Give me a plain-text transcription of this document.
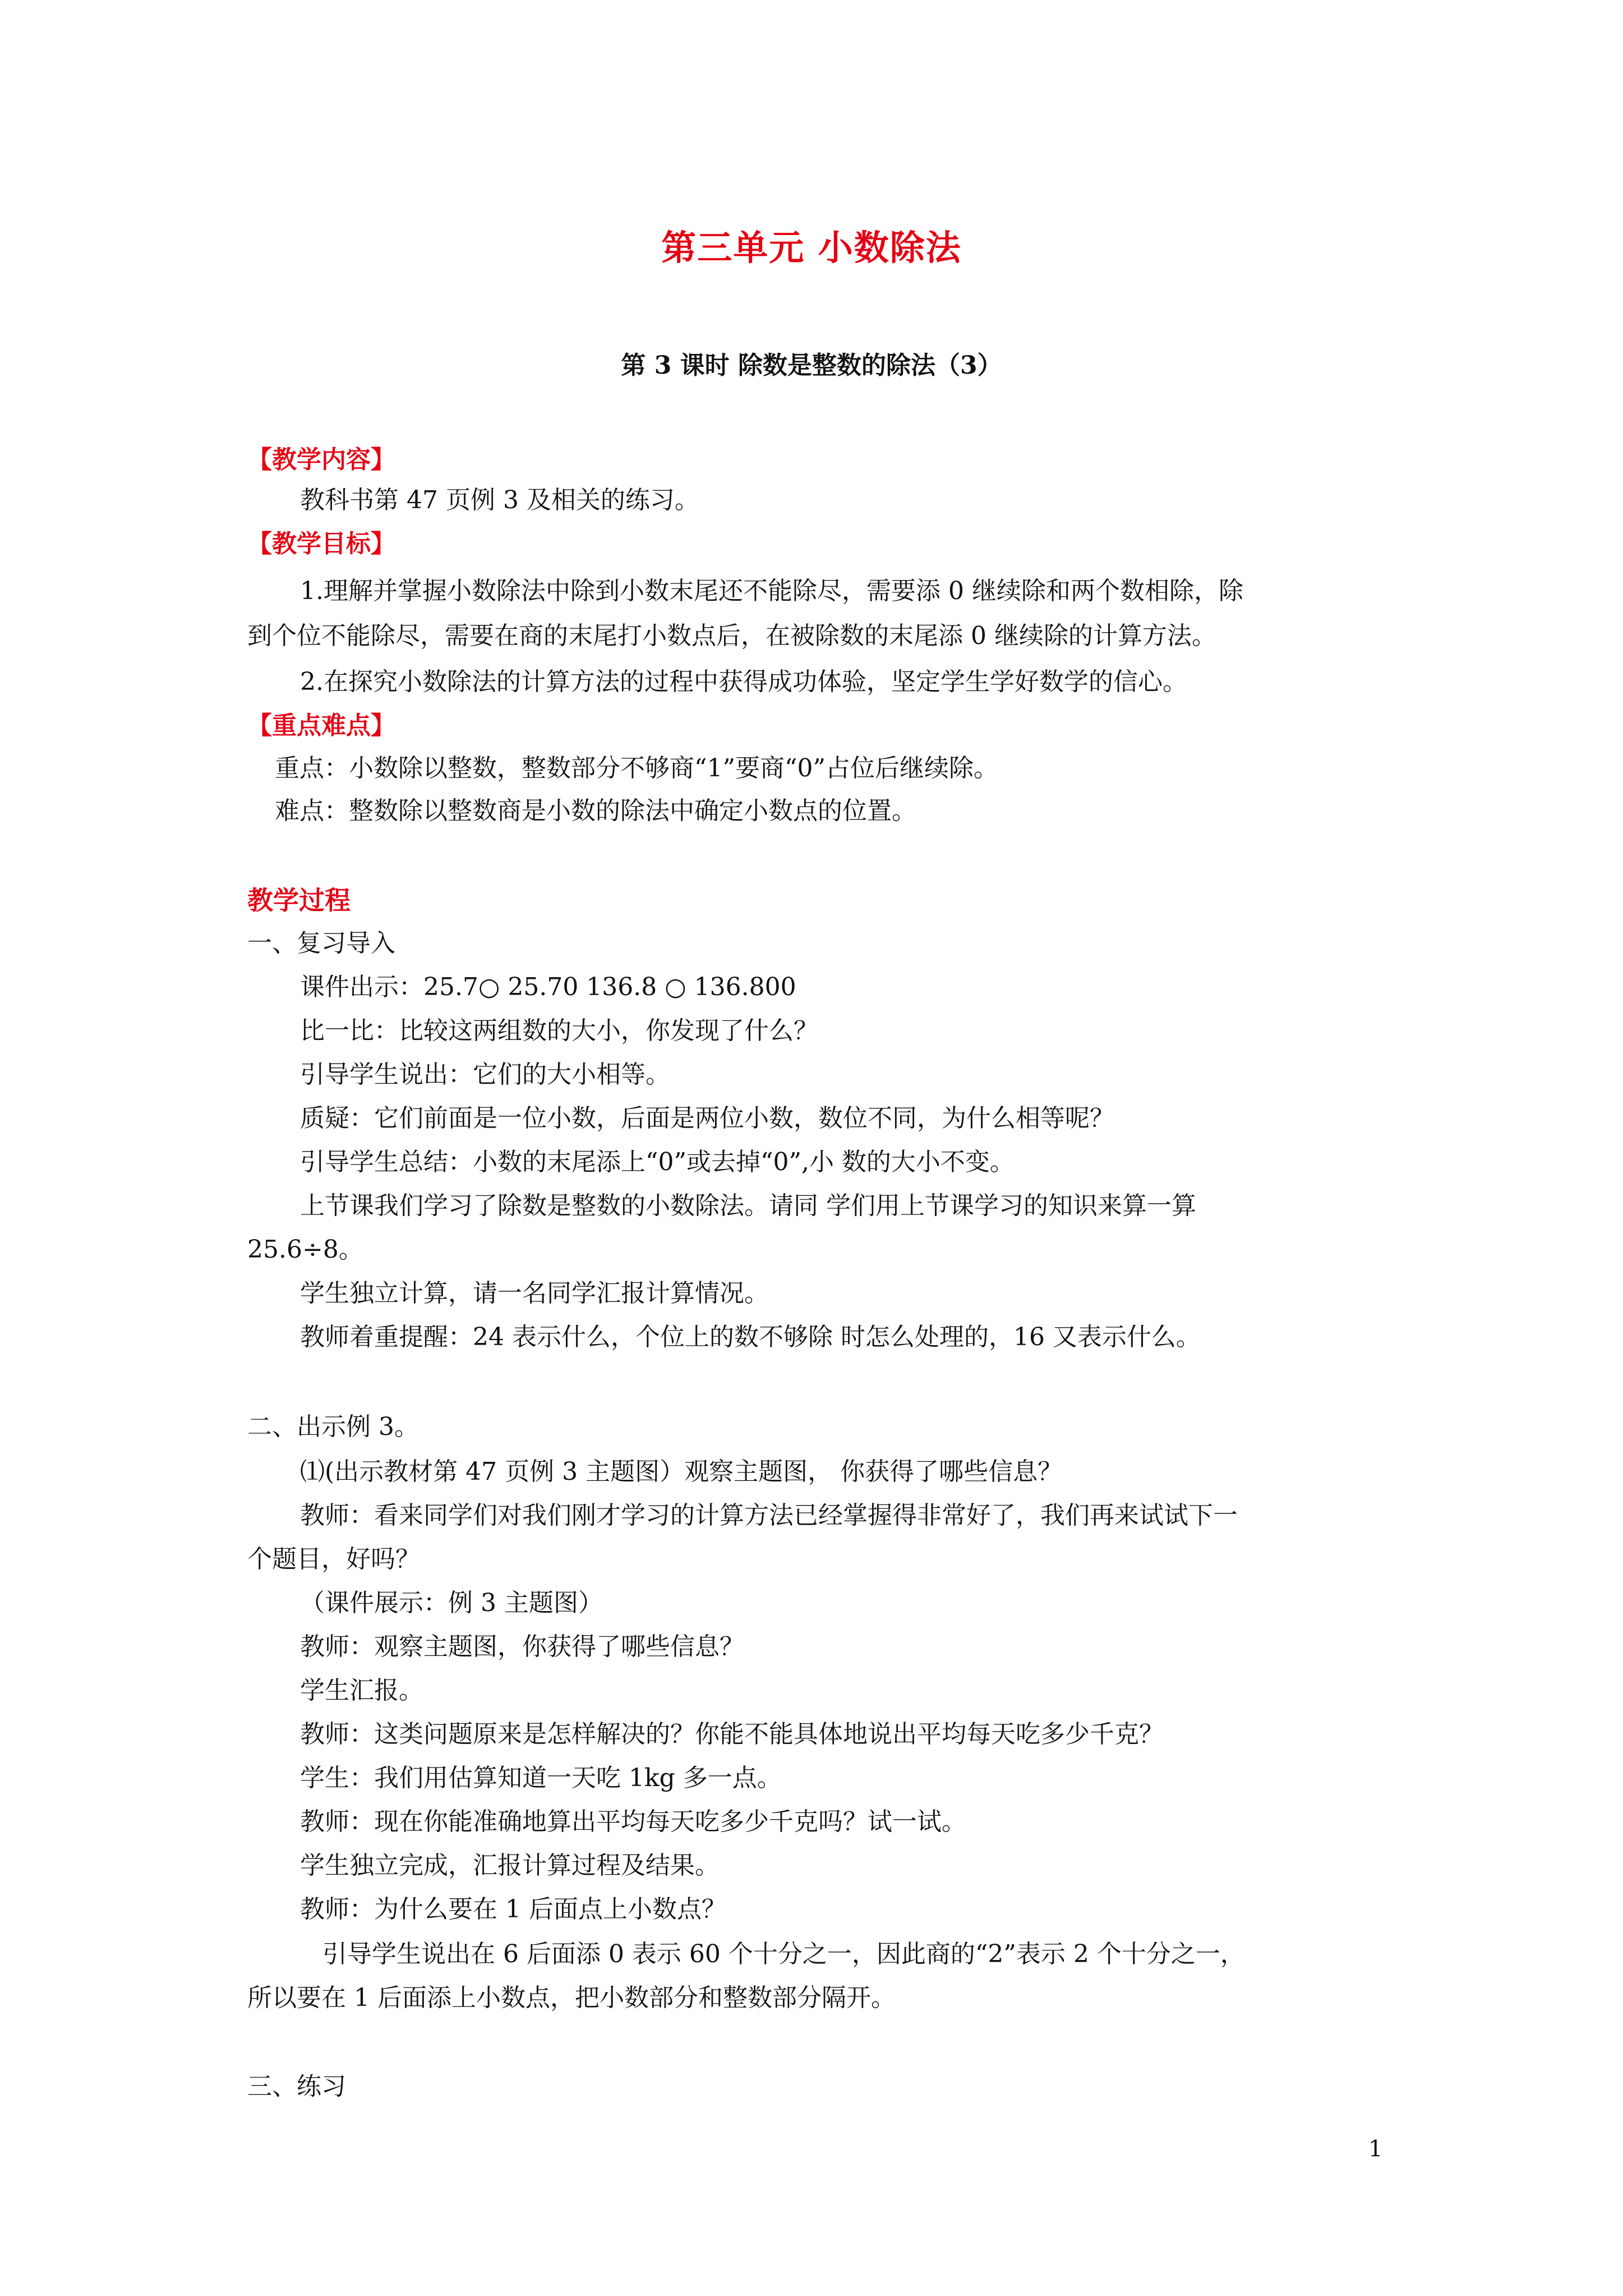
第三单元 小数除法
第 3 课时 除数是整数的除法（3）
【教学内容】
教科书第 47 页例 3 及相关的练习。
【教学目标】
1.理解并掌握小数除法中除到小数末尾还不能除尽，需要添 0 继续除和两个数相除，除
到个位不能除尽，需要在商的末尾打小数点后，在被除数的末尾添 0 继续除的计算方法。
2.在探究小数除法的计算方法的过程中获得成功体验，坚定学生学好数学的信心。
【重点难点】
重点：小数除以整数，整数部分不够商“1”要商“0”占位后继续除。
难点：整数除以整数商是小数的除法中确定小数点的位置。
教学过程
一、复习导入
课件出示：25.7○ 25.70 136.8 ○ 136.800
比一比：比较这两组数的大小，你发现了什么？
引导学生说出：它们的大小相等。
质疑：它们前面是一位小数，后面是两位小数，数位不同，为什么相等呢？
引导学生总结：小数的末尾添上“0”或去掉“0”,小 数的大小不变。
上节课我们学习了除数是整数的小数除法。请同 学们用上节课学习的知识来算一算
25.6÷8。
学生独立计算，请一名同学汇报计算情况。
教师着重提醒：24 表示什么，个位上的数不够除 时怎么处理的，16 又表示什么。
二、出示例 3。
⑴(出示教材第 47 页例 3 主题图）观察主题图， 你获得了哪些信息？
教师：看来同学们对我们刚才学习的计算方法已经掌握得非常好了，我们再来试试下一
个题目，好吗？
（课件展示：例 3 主题图）
教师：观察主题图，你获得了哪些信息？
学生汇报。
教师：这类问题原来是怎样解决的？你能不能具体地说出平均每天吃多少千克？
学生：我们用估算知道一天吃 1kg 多一点。
教师：现在你能准确地算出平均每天吃多少千克吗？试一试。
学生独立完成，汇报计算过程及结果。
教师：为什么要在 1 后面点上小数点？
引导学生说出在 6 后面添 0 表示 60 个十分之一，因此商的“2”表示 2 个十分之一，
所以要在 1 后面添上小数点，把小数部分和整数部分隔开。
三、练习
1
